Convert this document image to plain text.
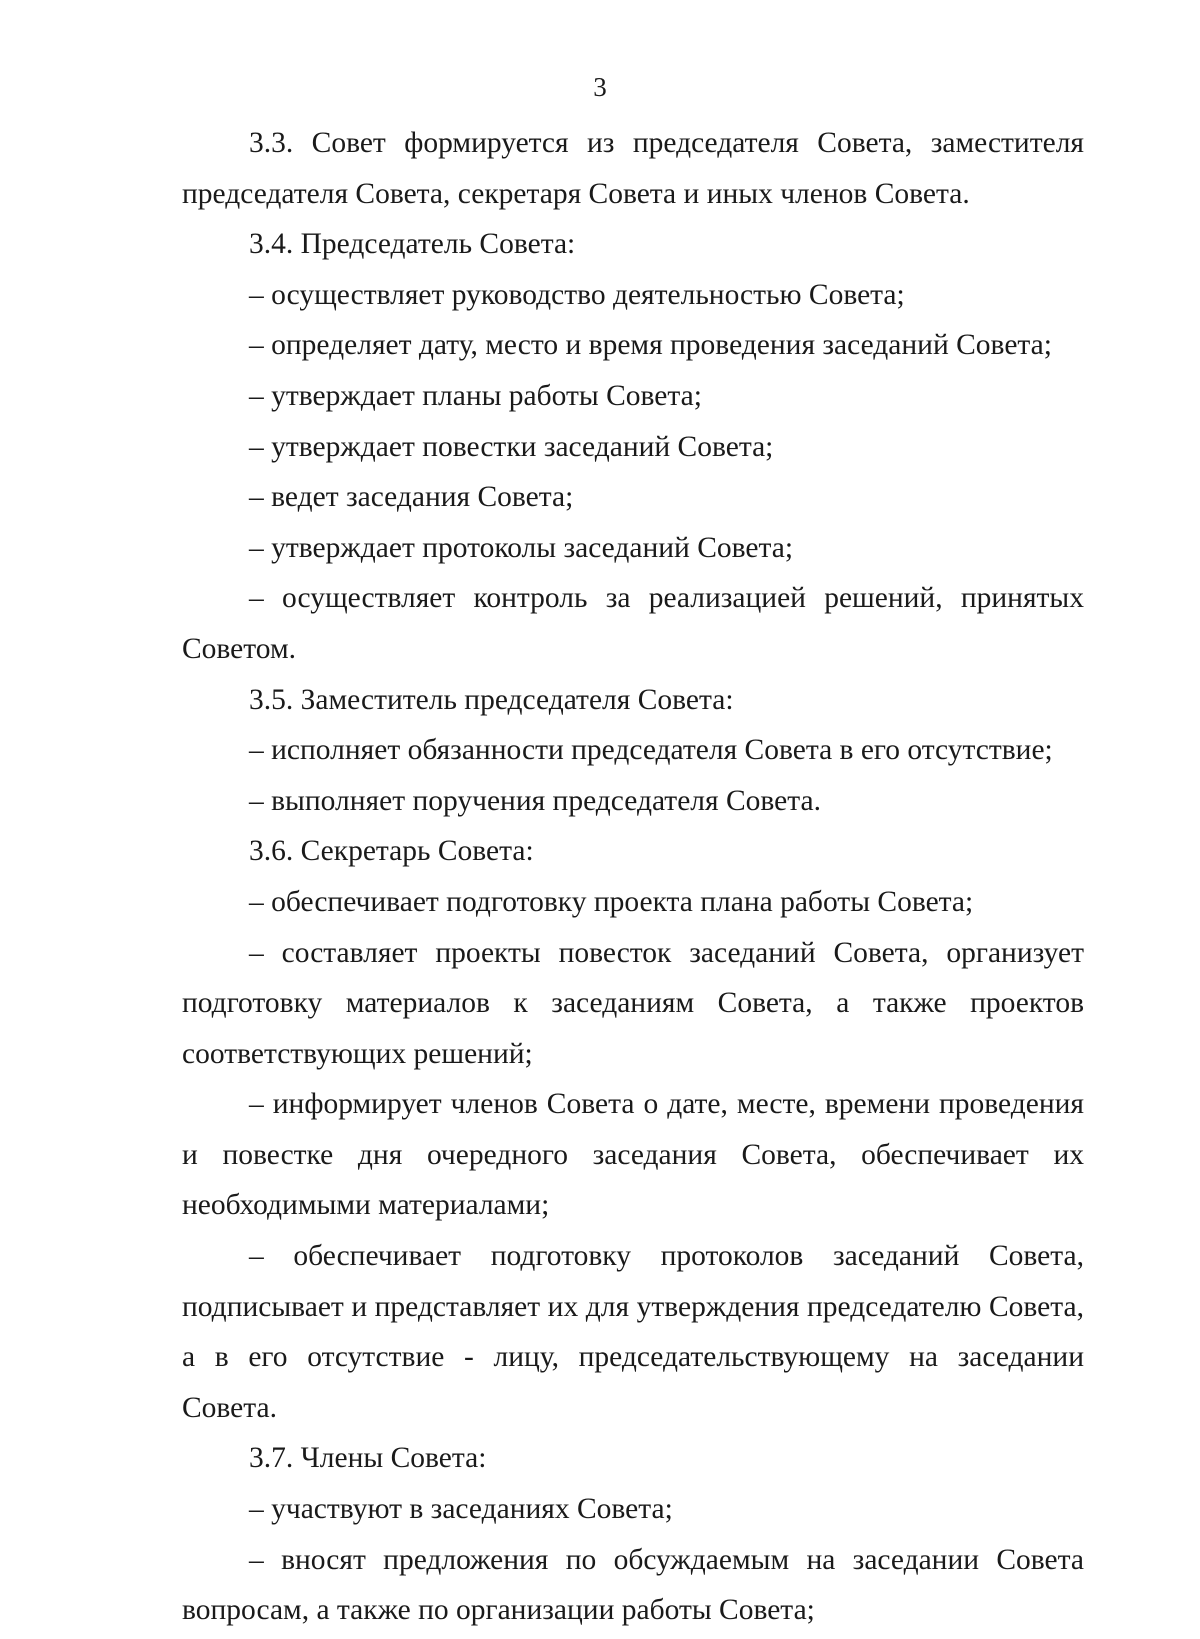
3

3.3. Совет формируется из председателя Совета, заместителя председателя Совета, секретаря Совета и иных членов Совета.

3.4. Председатель Совета:

– осуществляет руководство деятельностью Совета;

– определяет дату, место и время проведения заседаний Совета;

– утверждает планы работы Совета;

– утверждает повестки заседаний Совета;

– ведет заседания Совета;

– утверждает протоколы заседаний Совета;

– осуществляет контроль за реализацией решений, принятых Советом.

3.5. Заместитель председателя Совета:

– исполняет обязанности председателя Совета в его отсутствие;

– выполняет поручения председателя Совета.

3.6. Секретарь Совета:

– обеспечивает подготовку проекта плана работы Совета;

– составляет проекты повесток заседаний Совета, организует подготовку материалов к заседаниям Совета, а также проектов соответствующих решений;

– информирует членов Совета о дате, месте, времени проведения и повестке дня очередного заседания Совета, обеспечивает их необходимыми материалами;

– обеспечивает подготовку протоколов заседаний Совета, подписывает и представляет их для утверждения председателю Совета, а в его отсутствие - лицу, председательствующему на заседании Совета.

3.7. Члены Совета:

– участвуют в заседаниях Совета;

– вносят предложения по обсуждаемым на заседании Совета вопросам, а также по организации работы Совета;
